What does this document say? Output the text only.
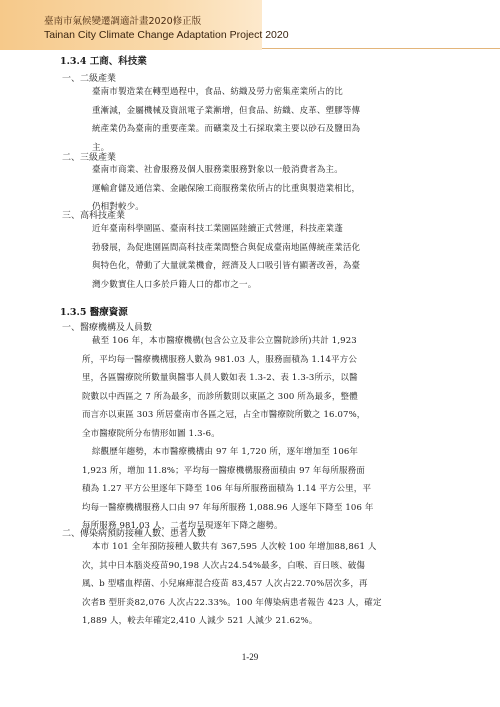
臺南市氣候變遷調適計畫2020修正版
Tainan City Climate Change Adaptation Project 2020
1.3.4 工商、科技業
一、二級產業
臺南市製造業在轉型過程中，食品、紡織及勞力密集產業所占的比
重漸減，金屬機械及資訊電子業漸增，但食品、紡織、皮革、塑膠等傳
統產業仍為臺南的重要產業。而礦業及土石採取業主要以砂石及鹽田為
主。
二、三級產業
臺南市商業、社會服務及個人服務業服務對象以一般消費者為主。
運輸倉儲及通信業、金融保險工商服務業依所占的比重與製造業相比，
仍相對較少。
三、高科技產業
近年臺南科學園區、臺南科技工業園區陸續正式營運，科技產業蓬
勃發展，為促進園區間高科技產業間整合與促成臺南地區傳統產業活化
與特色化，帶動了大量就業機會，經濟及人口吸引皆有顯著改善，為臺
灣少數實住人口多於戶籍人口的都市之一。
1.3.5 醫療資源
一、醫療機構及人員數
截至 106 年，本市醫療機構(包含公立及非公立醫院診所)共計 1,923
所，平均每一醫療機構服務人數為 981.03 人，服務面積為 1.14平方公
里，各區醫療院所數量與醫事人員人數如表 1.3-2、表 1.3-3所示，以醫
院數以中西區之 7 所為最多，而診所數則以東區之 300 所為最多，整體
而言亦以東區 303 所居臺南市各區之冠，占全市醫療院所數之 16.07%，
全市醫療院所分布情形如圖 1.3-6。
綜觀歷年趨勢，本市醫療機構由 97 年 1,720 所，逐年增加至 106年
1,923 所，增加 11.8%；平均每一醫療機構服務面積由 97 年每所服務面
積為 1.27 平方公里逐年下降至 106 年每所服務面積為 1.14 平方公里，平
均每一醫療機構服務人口由 97 年每所服務 1,088.96 人逐年下降至 106 年
每所服務 981.03 人，二者均呈現逐年下降之趨勢。
二、傳染病預防接種人數、患者人數
本市 101 全年預防接種人數共有 367,595 人次較 100 年增加88,861 人
次，其中日本腦炎疫苗90,198 人次占24.54%最多，白喉、百日咳、破傷
風、b 型嗜血桿菌、小兒麻痺混合疫苗 83,457 人次占22.70%居次多，再
次者B 型肝炎82,076 人次占22.33%。100 年傳染病患者報告 423 人，確定
1,889 人，較去年確定2,410 人減少 521 人減少 21.62%。
1-29
